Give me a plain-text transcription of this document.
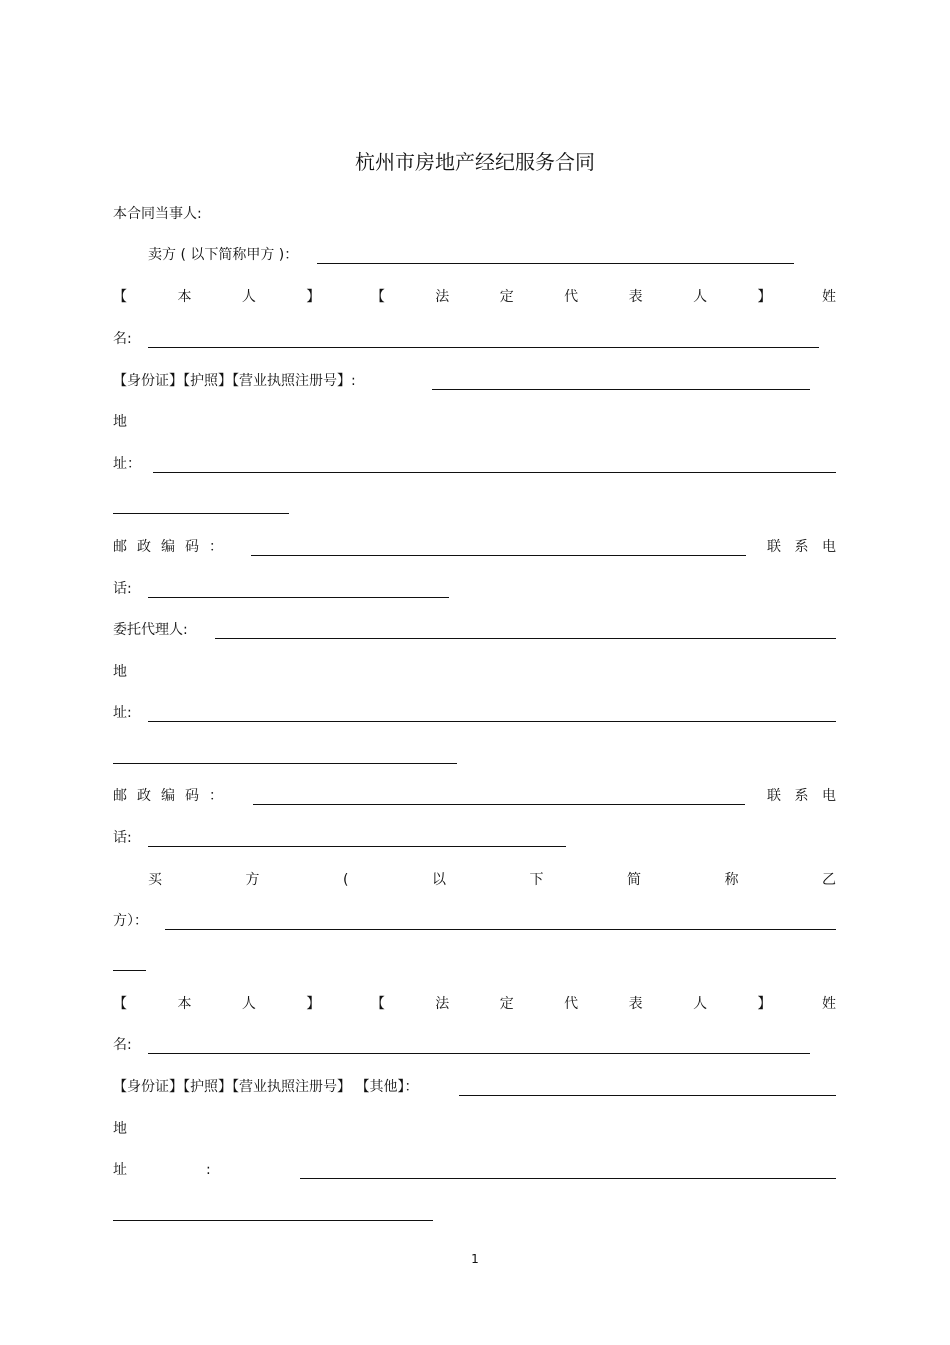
杭州市房地产经纪服务合同
本合同当事人:
卖方 ( 以下简称甲方 )：
【	本	人	】	【	法	定	代	表	人	】	姓
名:
【身份证】【护照】【营业执照注册号】:
地
址：
邮 政 编 码 ：	联 系 电
话:
委托代理人:
地
址:
邮 政 编 码 ：	联 系 电
话:
买	方	(	以	下	简	称	乙
方）：
【	本	人	】	【	法	定	代	表	人	】	姓
名:
【身份证】【护照】【营业执照注册号】 【其他】：
地
址	:
1
